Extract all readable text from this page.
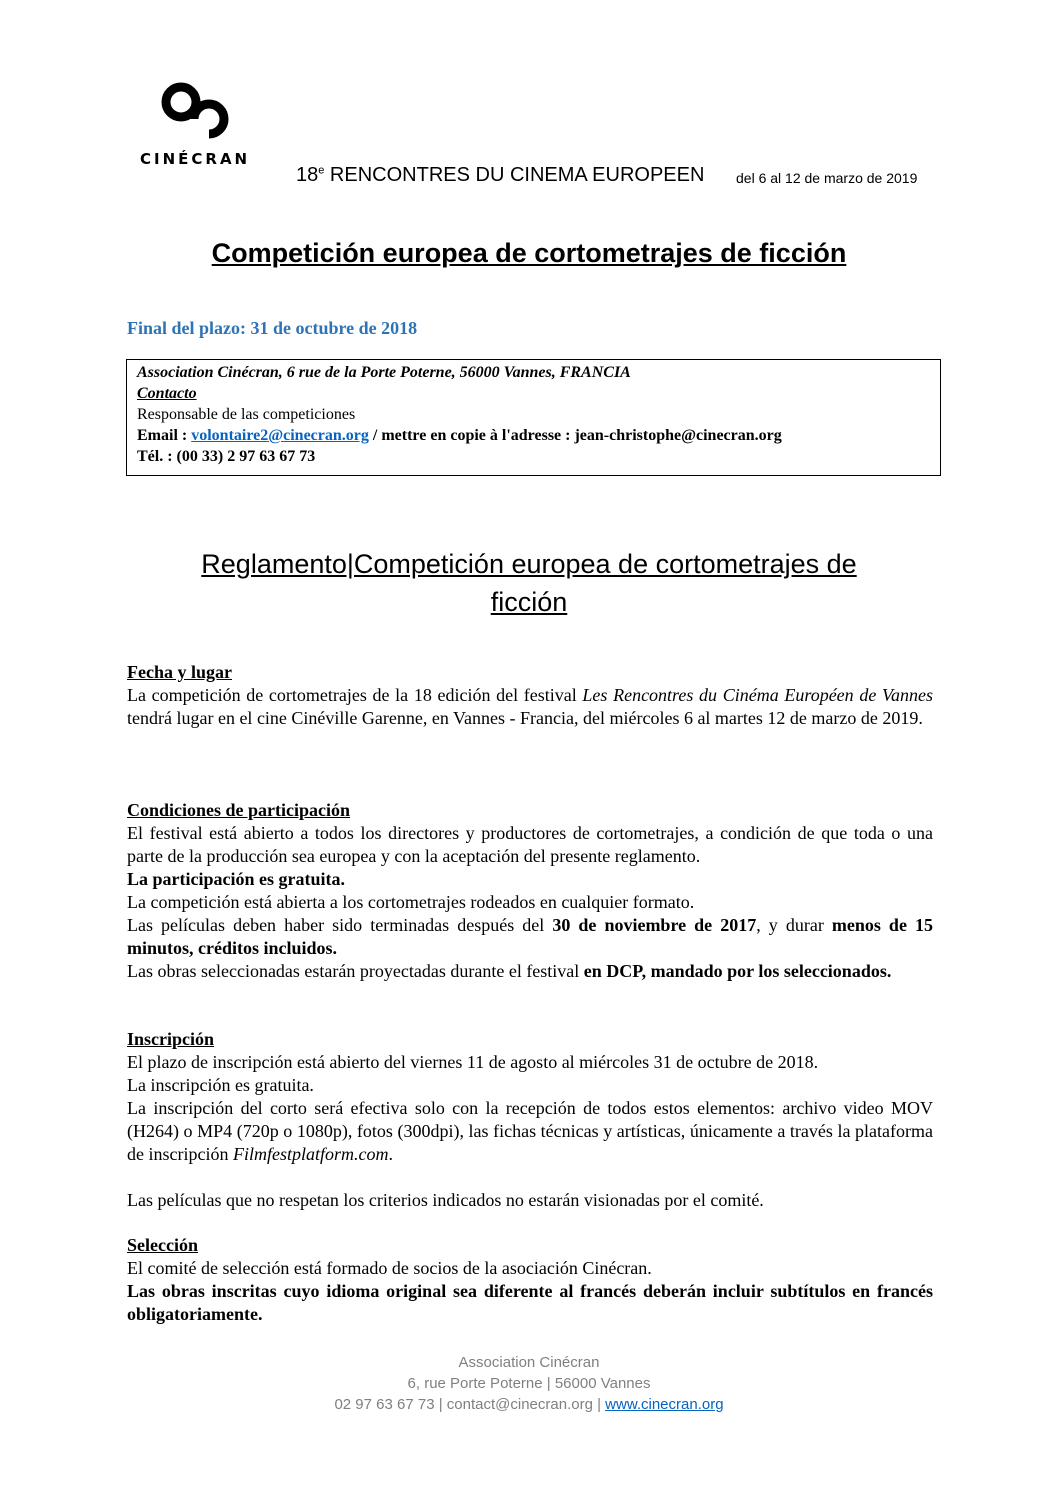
CINÉCRAN
18e RENCONTRES DU CINEMA EUROPEEN del 6 al 12 de marzo de 2019
Competición europea de cortometrajes de ficción
Final del plazo: 31 de octubre de 2018
Association Cinécran, 6 rue de la Porte Poterne, 56000 Vannes, FRANCIA
Contacto
Responsable de las competiciones
Email : volontaire2@cinecran.org / mettre en copie à l'adresse : jean-christophe@cinecran.org
Tél. : (00 33) 2 97 63 67 73
Reglamento|Competición europea de cortometrajes de
ficción
Fecha y lugar

La competición de cortometrajes de la 18 edición del festival Les Rencontres du Cinéma Européen de Vannes tendrá lugar en el cine Cinéville Garenne, en Vannes - Francia, del miércoles 6 al martes 12 de marzo de 2019.

Condiciones de participación

El festival está abierto a todos los directores y productores de cortometrajes, a condición de que toda o una parte de la producción sea europea y con la aceptación del presente reglamento.

La participación es gratuita.

La competición está abierta a los cortometrajes rodeados en cualquier formato.

Las películas deben haber sido terminadas después del 30 de noviembre de 2017, y durar menos de 15 minutos, créditos incluidos.

Las obras seleccionadas estarán proyectadas durante el festival en DCP, mandado por los seleccionados.

Inscripción

El plazo de inscripción está abierto del viernes 11 de agosto al miércoles 31 de octubre de 2018.

La inscripción es gratuita.

La inscripción del corto será efectiva solo con la recepción de todos estos elementos: archivo video MOV (H264) o MP4 (720p o 1080p), fotos (300dpi), las fichas técnicas y artísticas, únicamente a través la plataforma de inscripción Filmfestplatform.com.

Las películas que no respetan los criterios indicados no estarán visionadas por el comité.

Selección

El comité de selección está formado de socios de la asociación Cinécran.

Las obras inscritas cuyo idioma original sea diferente al francés deberán incluir subtítulos en francés obligatoriamente.

Association Cinécran
6, rue Porte Poterne | 56000 Vannes
02 97 63 67 73 | contact@cinecran.org | www.cinecran.org
